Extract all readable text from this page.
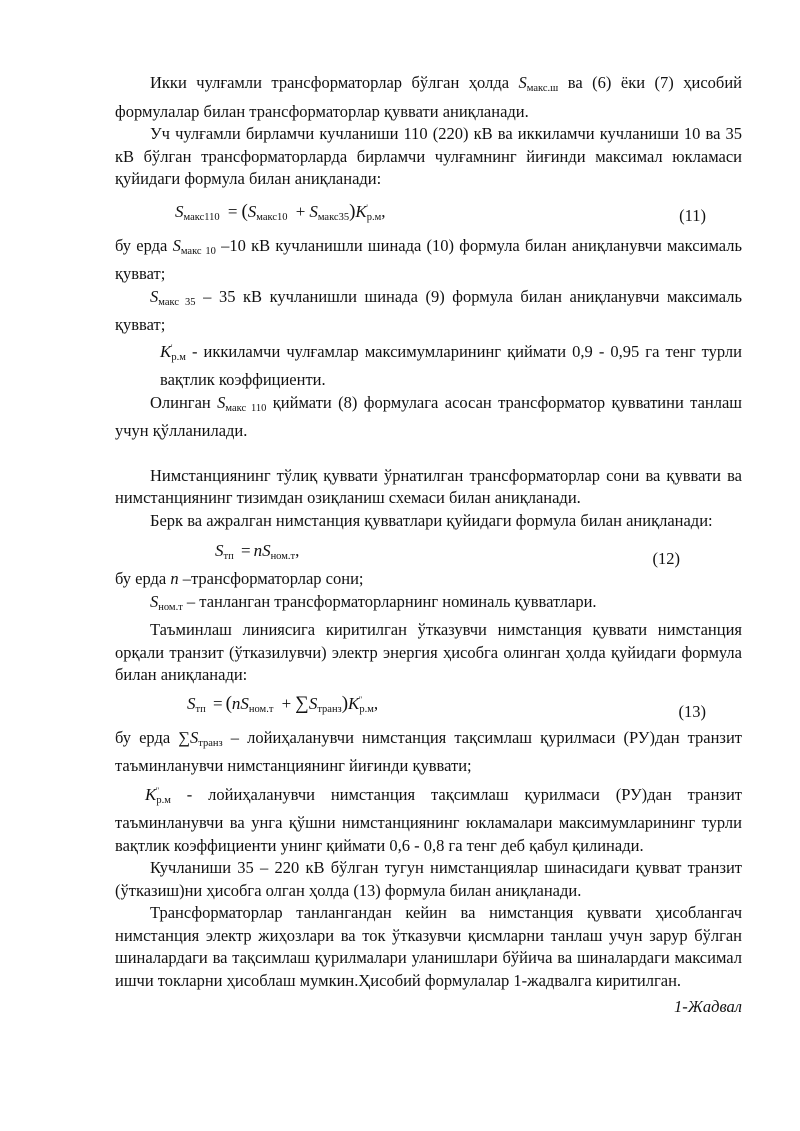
Икки чулғамли трансформаторлар бўлган ҳолда $S_{макс.ш}$ ва (6) ёки (7) ҳисобий формулалар билан трансформаторлар қуввати аниқланади.

Уч чулғамли бирламчи кучланиши 110 (220) кВ ва иккиламчи кучланиши 10 ва 35 кВ бўлган трансформаторларда бирламчи чулғамнинг йиғинди максимал юкламаси қуйидаги формула билан аниқланади:

$S_{макс110} = (S_{макс10} + S_{макс35})K$ '
$_{р.м}$,	(11)

бу ерда $S_{макс 10}$ –10 кВ кучланишли шинада (10) формула билан аниқланувчи максималь қувват;

$S_{макс 35} - 35$ кВ кучланишли шинада (9) формула билан аниқланувчи максималь қувват;

K '
$_{р.м}$ - иккиламчи чулғамлар максимумларининг қиймати 0,9 - 0,95 га тенг турли вақтлик коэффициенти.

Олинган $S_{макс 110}$ қиймати (8) формулага асосан трансформатор қувватини танлаш учун қўлланилади.

Нимстанциянинг тўлиқ қуввати ўрнатилган трансформаторлар сони ва қуввати ва нимстанциянинг тизимдан озиқланиш схемаси билан аниқланади.

Берк ва ажралган нимстанция қувватлари қуйидаги формула билан аниқланади:

$S_{тп} = nS_{ном.т}$,	(12)

бу ерда n –трансформаторлар сони;

$S_{ном.т}$ – танланган трансформаторларнинг номиналь қувватлари.

Таъминлаш линиясига киритилган ўтказувчи нимстанция қуввати нимстанция орқали транзит (ўтказилувчи) электр энергия ҳисобга олинган ҳолда қуйидаги формула билан аниқланади:

$S_{тп} = (nS_{ном.т} + \sum S_{транз})K$ ''
$_{р.м}$,	(13)

бу ерда $\sum S_{транз}$ – лойиҳаланувчи нимстанция тақсимлаш қурилмаси (РУ)дан транзит таъминланувчи нимстанциянинг йиғинди қуввати;

K ''
$_{р.м}$ - лойиҳаланувчи нимстанция тақсимлаш қурилмаси (РУ)дан транзит таъминланувчи ва унга қўшни нимстанциянинг юкламалари максимумларининг турли вақтлик коэффициенти унинг қиймати 0,6 - 0,8 га тенг деб қабул қилинади.

Кучланиши 35 – 220 кВ бўлган тугун нимстанциялар шинасидаги қувват транзит (ўтказиш)ни ҳисобга олган ҳолда (13) формула билан аниқланади.

Трансформаторлар танлангандан кейин ва нимстанция қуввати ҳисоблангач нимстанция электр жиҳозлари ва ток ўтказувчи қисмларни танлаш учун зарур бўлган шиналардаги ва тақсимлаш қурилмалари уланишлари бўйича ва шиналардаги максимал ишчи токларни ҳисоблаш мумкин.Ҳисобий формулалар 1-жадвалга киритилган.

1-Жадвал
